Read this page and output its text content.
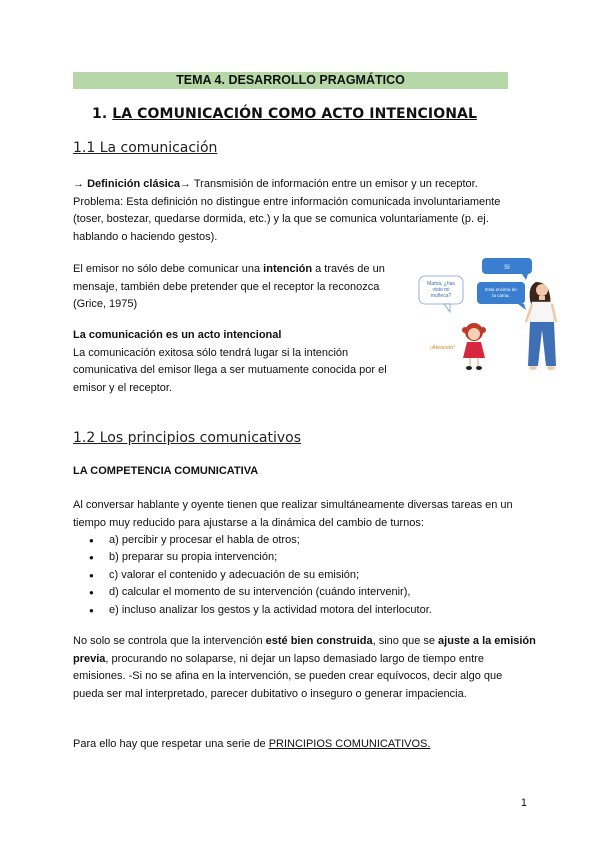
TEMA 4. DESARROLLO PRAGMÁTICO
1. LA COMUNICACIÓN COMO ACTO INTENCIONAL
1.1 La comunicación
→ Definición clásica→ Transmisión de información entre un emisor y un receptor.
Problema: Esta definición no distingue entre información comunicada involuntariamente
(toser, bostezar, quedarse dormida, etc.) y la que se comunica voluntariamente (p. ej.
hablando o haciendo gestos).
El emisor no sólo debe comunicar una intención a través de un
mensaje, también debe pretender que el receptor la reconozca
(Grice, 1975)
La comunicación es un acto intencional
La comunicación exitosa sólo tendrá lugar si la intención
comunicativa del emisor llega a ser mutuamente conocida por el
emisor y el receptor.
Mamá, ¿has visto mi muñeca?
Sí
Está encima de la cama.
¡Atención!
1.2 Los principios comunicativos
LA COMPETENCIA COMUNICATIVA
Al conversar hablante y oyente tienen que realizar simultáneamente diversas tareas en un
tiempo muy reducido para ajustarse a la dinámica del cambio de turnos:
● a) percibir y procesar el habla de otros;
● b) preparar su propia intervención;
● c) valorar el contenido y adecuación de su emisión;
● d) calcular el momento de su intervención (cuándo intervenir),
● e) incluso analizar los gestos y la actividad motora del interlocutor.
No solo se controla que la intervención esté bien construida, sino que se ajuste a la emisión
previa, procurando no solaparse, ni dejar un lapso demasiado largo de tiempo entre
emisiones. -Si no se afina en la intervención, se pueden crear equívocos, decir algo que
pueda ser mal interpretado, parecer dubitativo o inseguro o generar impaciencia.
Para ello hay que respetar una serie de PRINCIPIOS COMUNICATIVOS.
1
